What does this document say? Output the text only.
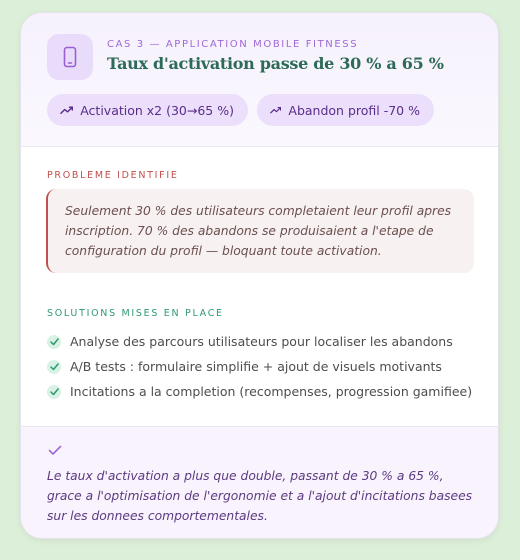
CAS 3 — APPLICATION MOBILE FITNESS
Taux d'activation passe de 30 % a 65 %
Activation x2 (30→65 %)	Abandon profil -70 %
PROBLEME IDENTIFIE
Seulement 30 % des utilisateurs completaient leur profil apres inscription. 70 % des abandons se produisaient a l'etape de configuration du profil — bloquant toute activation.
SOLUTIONS MISES EN PLACE
Analyse des parcours utilisateurs pour localiser les abandons
A/B tests : formulaire simplifie + ajout de visuels motivants
Incitations a la completion (recompenses, progression gamifiee)
Le taux d'activation a plus que double, passant de 30 % a 65 %, grace a l'optimisation de l'ergonomie et a l'ajout d'incitations basees sur les donnees comportementales.
